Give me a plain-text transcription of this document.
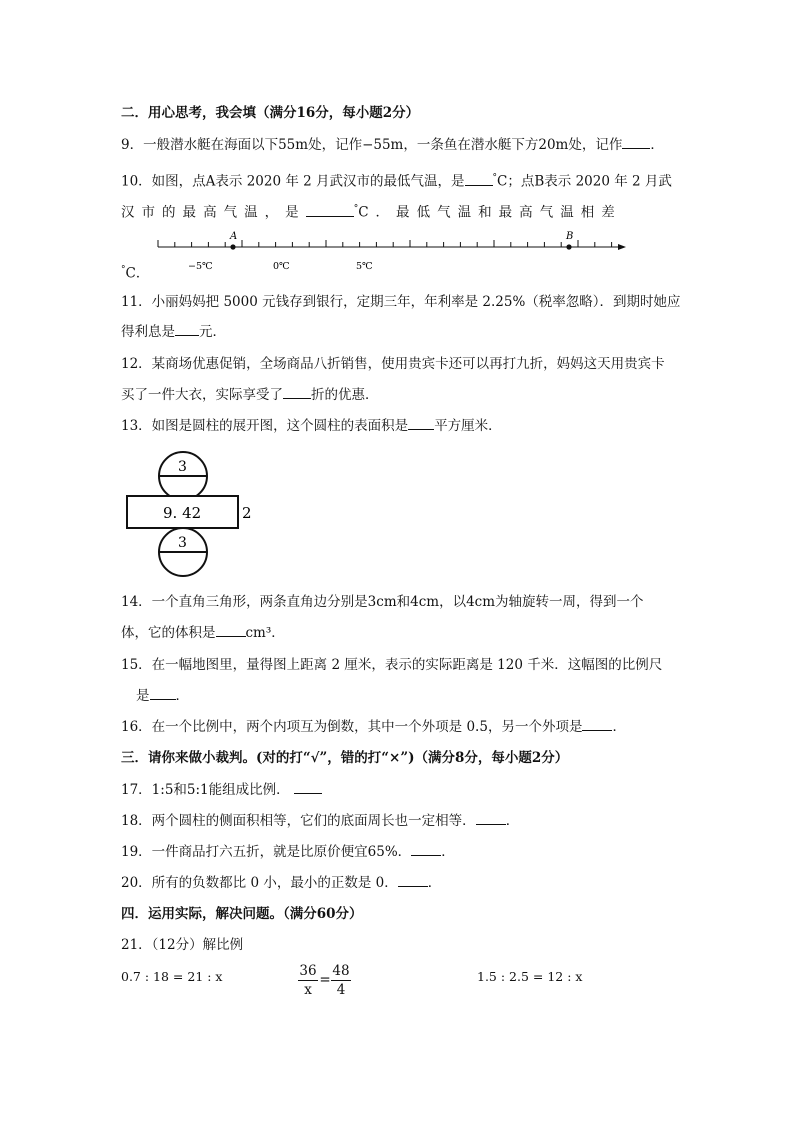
二．用心思考，我会填（满分16分，每小题2分）
9．一般潜水艇在海面以下55m处，记作−55m，一条鱼在潜水艇下方20m处，记作 ．
10．如图，点A表示 2020 年 2 月武汉市的最低气温，是	°C；点B表示 2020 年 2 月武
汉市的最高气温，是	°C．最低气温和最高气温相差
A	B
−5℃	0℃	5℃
°C．
11．小丽妈妈把 5000 元钱存到银行，定期三年，年利率是 2.25%（税率忽略）．到期时她应
得利息是 元．
12．某商场优惠促销，全场商品八折销售，使用贵宾卡还可以再打九折，妈妈这天用贵宾卡
买了一件大衣，实际享受了 折的优惠．
13．如图是圆柱的展开图，这个圆柱的表面积是 平方厘米．
3
9. 42	2
3
14．一个直角三角形，两条直角边分别是3cm和4cm，以4cm为轴旋转一周，得到一个
体，它的体积是 cm³．
15．在一幅地图里，量得图上距离 2 厘米，表示的实际距离是 120 千米．这幅图的比例尺
是 ．
16．在一个比例中，两个内项互为倒数，其中一个外项是 0.5，另一个外项是 ．
三．请你来做小裁判。(对的打“√”，错的打“×”)（满分8分，每小题2分）
17．1:5和5:1能组成比例．
18．两个圆柱的侧面积相等，它们的底面周长也一定相等． ．
19．一件商品打六五折，就是比原价便宜65%． ．
20．所有的负数都比 0 小，最小的正数是 0． ．
四．运用实际，解决问题。（满分60分）
21．（12分）解比例
0.7 : 18 = 21 : x	$\frac{36}{x} = \frac{48}{4}$	1.5 : 2.5 = 12 : x
